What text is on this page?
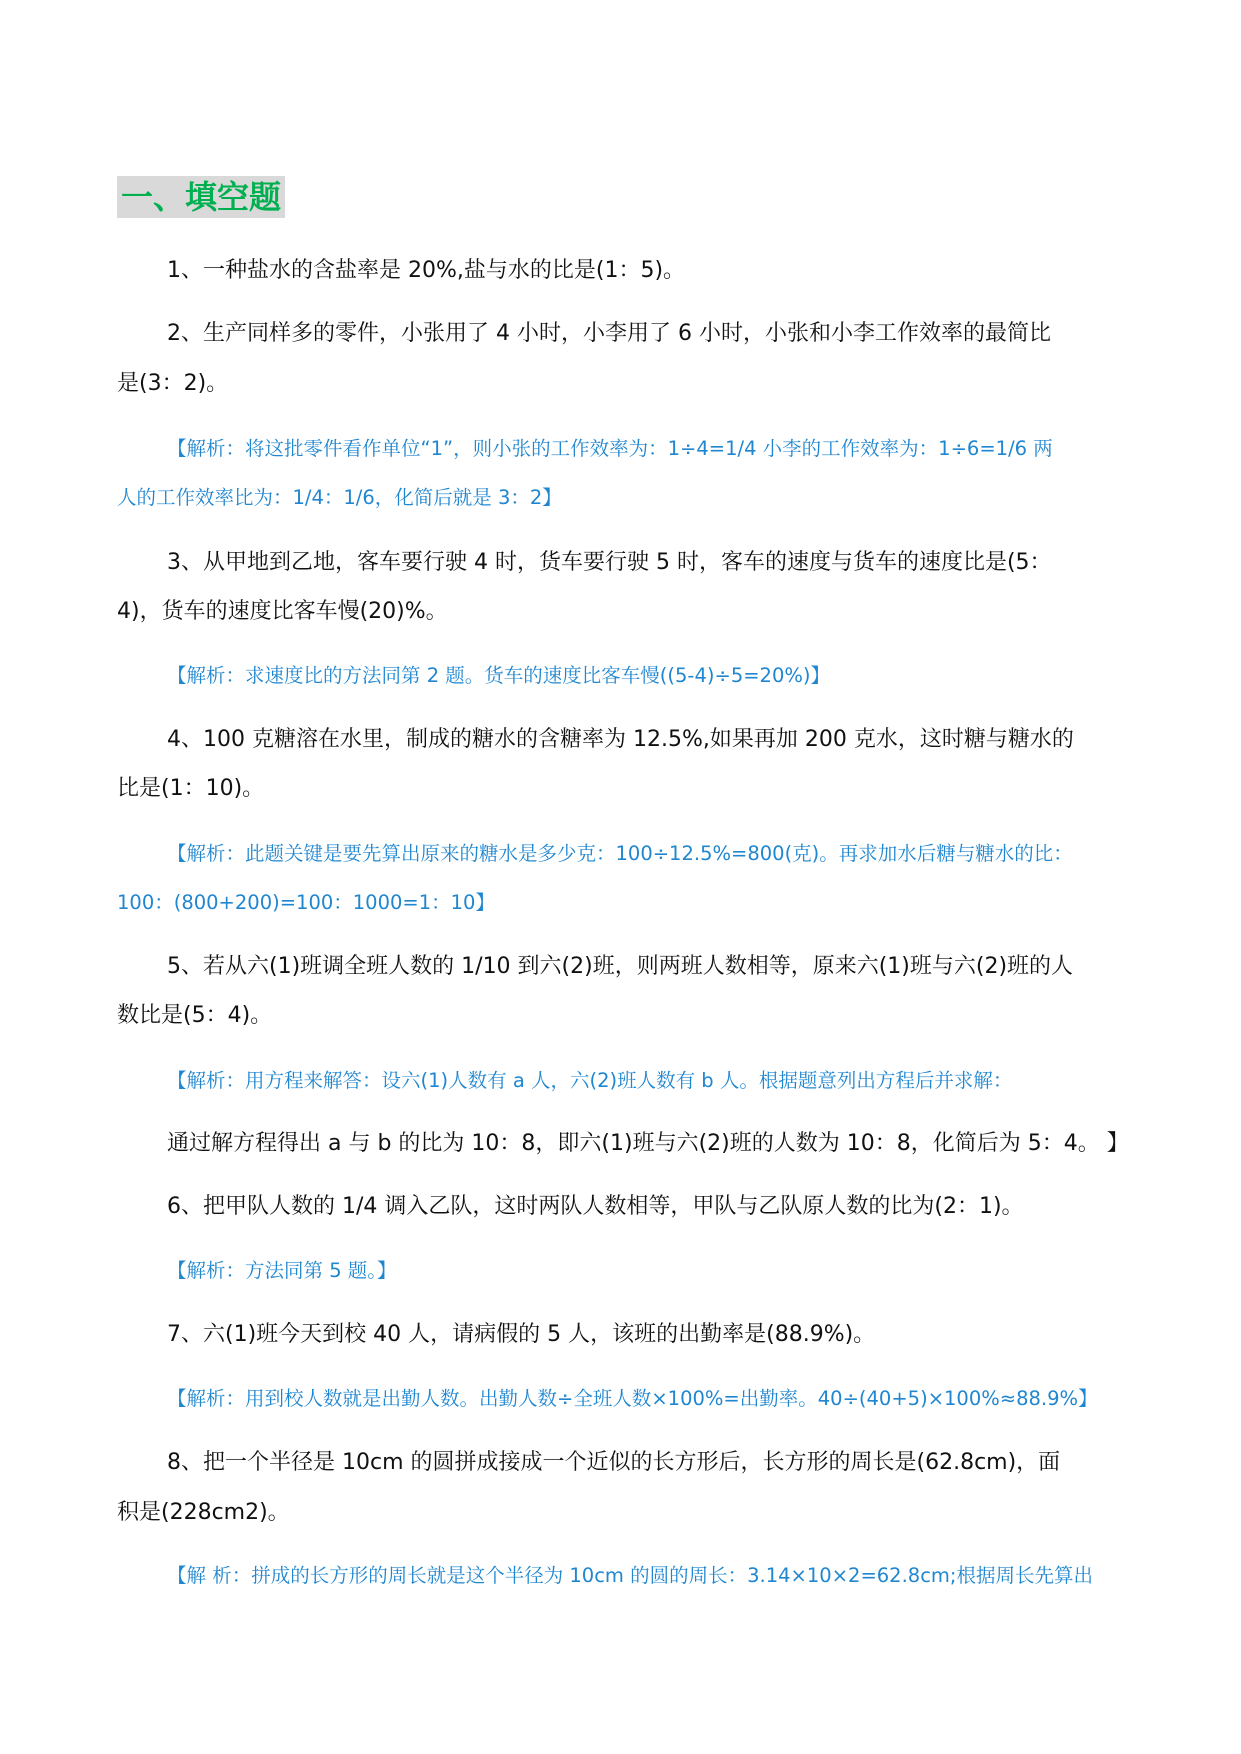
一、填空题
1、一种盐水的含盐率是 20%,盐与水的比是(1：5)。
2、生产同样多的零件，小张用了 4 小时，小李用了 6 小时，小张和小李工作效率的最简比
是(3：2)。
【解析：将这批零件看作单位“1”，则小张的工作效率为：1÷4=1/4 小李的工作效率为：1÷6=1/6 两
人的工作效率比为：1/4：1/6，化简后就是 3：2】
3、从甲地到乙地，客车要行驶 4 时，货车要行驶 5 时，客车的速度与货车的速度比是(5：
4)，货车的速度比客车慢(20)%。
【解析：求速度比的方法同第 2 题。货车的速度比客车慢((5-4)÷5=20%)】
4、100 克糖溶在水里，制成的糖水的含糖率为 12.5%,如果再加 200 克水，这时糖与糖水的
比是(1：10)。
【解析：此题关键是要先算出原来的糖水是多少克：100÷12.5%=800(克)。再求加水后糖与糖水的比：
100：(800+200)=100：1000=1：10】
5、若从六(1)班调全班人数的 1/10 到六(2)班，则两班人数相等，原来六(1)班与六(2)班的人
数比是(5：4)。
【解析：用方程来解答：设六(1)人数有 a 人，六(2)班人数有 b 人。根据题意列出方程后并求解：
通过解方程得出 a 与 b 的比为 10：8，即六(1)班与六(2)班的人数为 10：8，化简后为 5：4。 】
6、把甲队人数的 1/4 调入乙队，这时两队人数相等，甲队与乙队原人数的比为(2：1)。
【解析：方法同第 5 题。】
7、六(1)班今天到校 40 人，请病假的 5 人，该班的出勤率是(88.9%)。
【解析：用到校人数就是出勤人数。出勤人数÷全班人数×100%=出勤率。40÷(40+5)×100%≈88.9%】
8、把一个半径是 10cm 的圆拼成接成一个近似的长方形后，长方形的周长是(62.8cm)，面
积是(228cm2)。
【解 析：拼成的长方形的周长就是这个半径为 10cm 的圆的周长：3.14×10×2=62.8cm;根据周长先算出
